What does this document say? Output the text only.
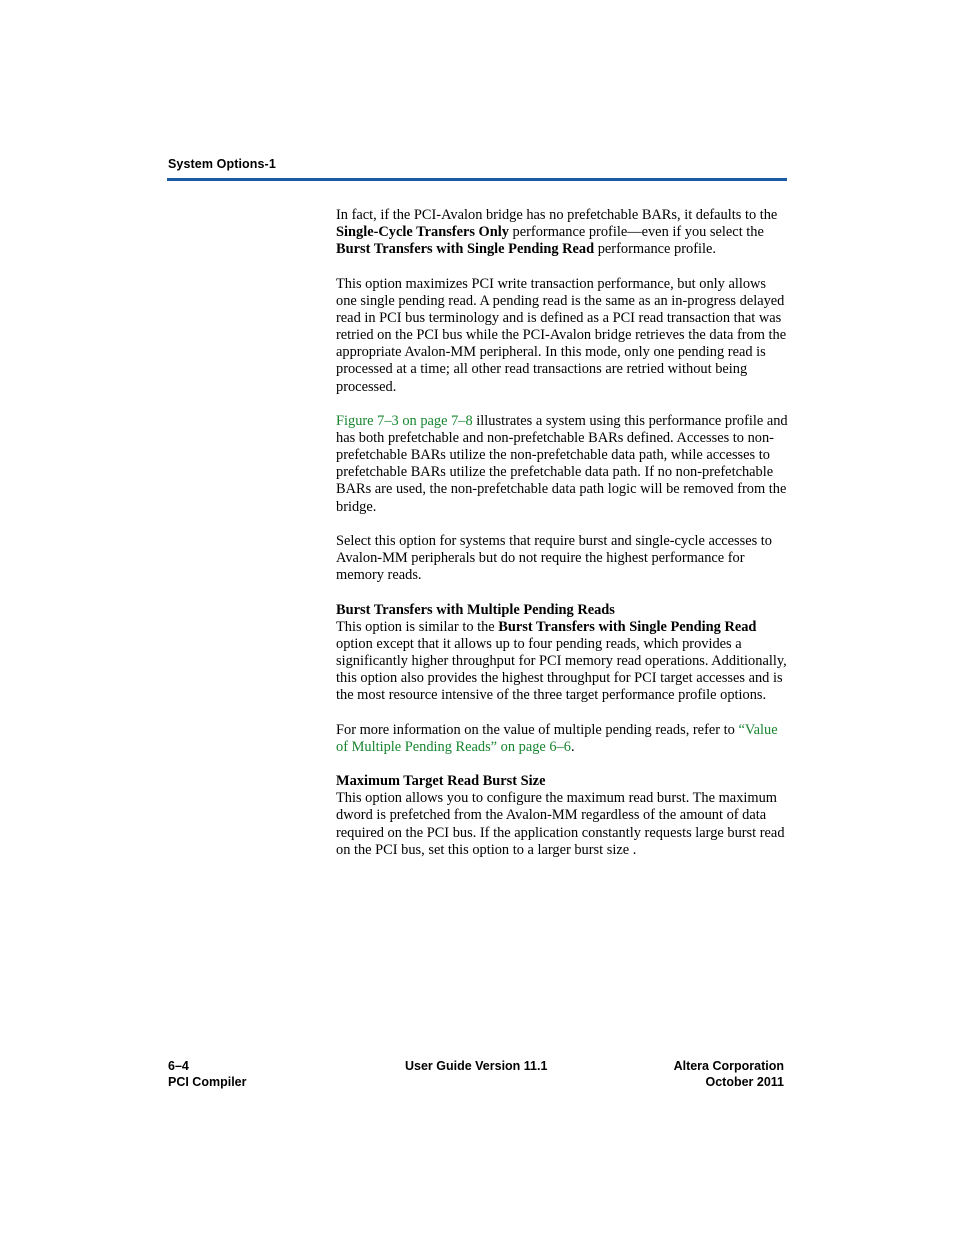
System Options-1

In fact, if the PCI-Avalon bridge has no prefetchable BARs, it defaults to the Single-Cycle Transfers Only performance profile—even if you select the Burst Transfers with Single Pending Read performance profile.

This option maximizes PCI write transaction performance, but only allows one single pending read. A pending read is the same as an in-progress delayed read in PCI bus terminology and is defined as a PCI read transaction that was retried on the PCI bus while the PCI-Avalon bridge retrieves the data from the appropriate Avalon-MM peripheral. In this mode, only one pending read is processed at a time; all other read transactions are retried without being processed.

Figure 7–3 on page 7–8 illustrates a system using this performance profile and has both prefetchable and non-prefetchable BARs defined. Accesses to non-prefetchable BARs utilize the non-prefetchable data path, while accesses to prefetchable BARs utilize the prefetchable data path. If no non-prefetchable BARs are used, the non-prefetchable data path logic will be removed from the bridge.

Select this option for systems that require burst and single-cycle accesses to Avalon-MM peripherals but do not require the highest performance for memory reads.

Burst Transfers with Multiple Pending Reads

This option is similar to the Burst Transfers with Single Pending Read option except that it allows up to four pending reads, which provides a significantly higher throughput for PCI memory read operations. Additionally, this option also provides the highest throughput for PCI target accesses and is the most resource intensive of the three target performance profile options.

For more information on the value of multiple pending reads, refer to “Value of Multiple Pending Reads” on page 6–6.

Maximum Target Read Burst Size

This option allows you to configure the maximum read burst. The maximum dword is prefetched from the Avalon-MM regardless of the amount of data required on the PCI bus. If the application constantly requests large burst read on the PCI bus, set this option to a larger burst size .

6–4
PCI Compiler
User Guide Version 11.1	Altera Corporation
October 2011
